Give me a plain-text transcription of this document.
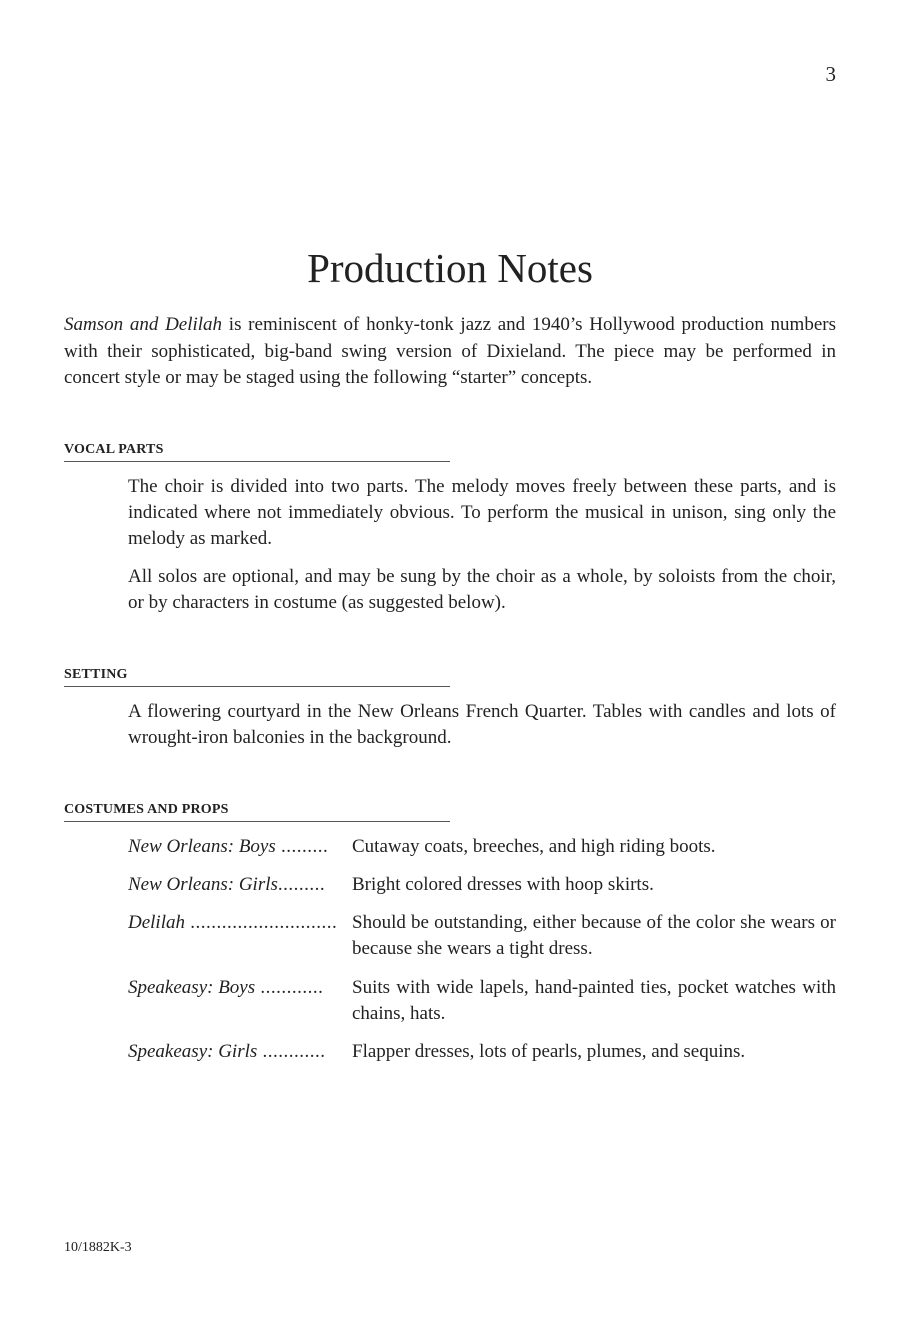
3
Production Notes

Samson and Delilah is reminiscent of honky-tonk jazz and 1940’s Hollywood production numbers with their sophisticated, big-band swing version of Dixieland. The piece may be performed in concert style or may be staged using the following “starter” concepts.

VOCAL PARTS

The choir is divided into two parts. The melody moves freely between these parts, and is indicated where not immediately obvious. To perform the musical in unison, sing only the melody as marked.

All solos are optional, and may be sung by the choir as a whole, by soloists from the choir, or by characters in costume (as suggested below).

SETTING

A flowering courtyard in the New Orleans French Quarter. Tables with candles and lots of wrought-iron balconies in the background.

COSTUMES AND PROPS
New Orleans: Boys .........	Cutaway coats, breeches, and high riding boots.
New Orleans: Girls.........	Bright colored dresses with hoop skirts.
Delilah ............................ Should be outstanding, either because of the color she wears or because she wears a tight dress.
Speakeasy: Boys ............	Suits with wide lapels, hand-painted ties, pocket watches with chains, hats.
Speakeasy: Girls ............	Flapper dresses, lots of pearls, plumes, and sequins.
10/1882K-3
